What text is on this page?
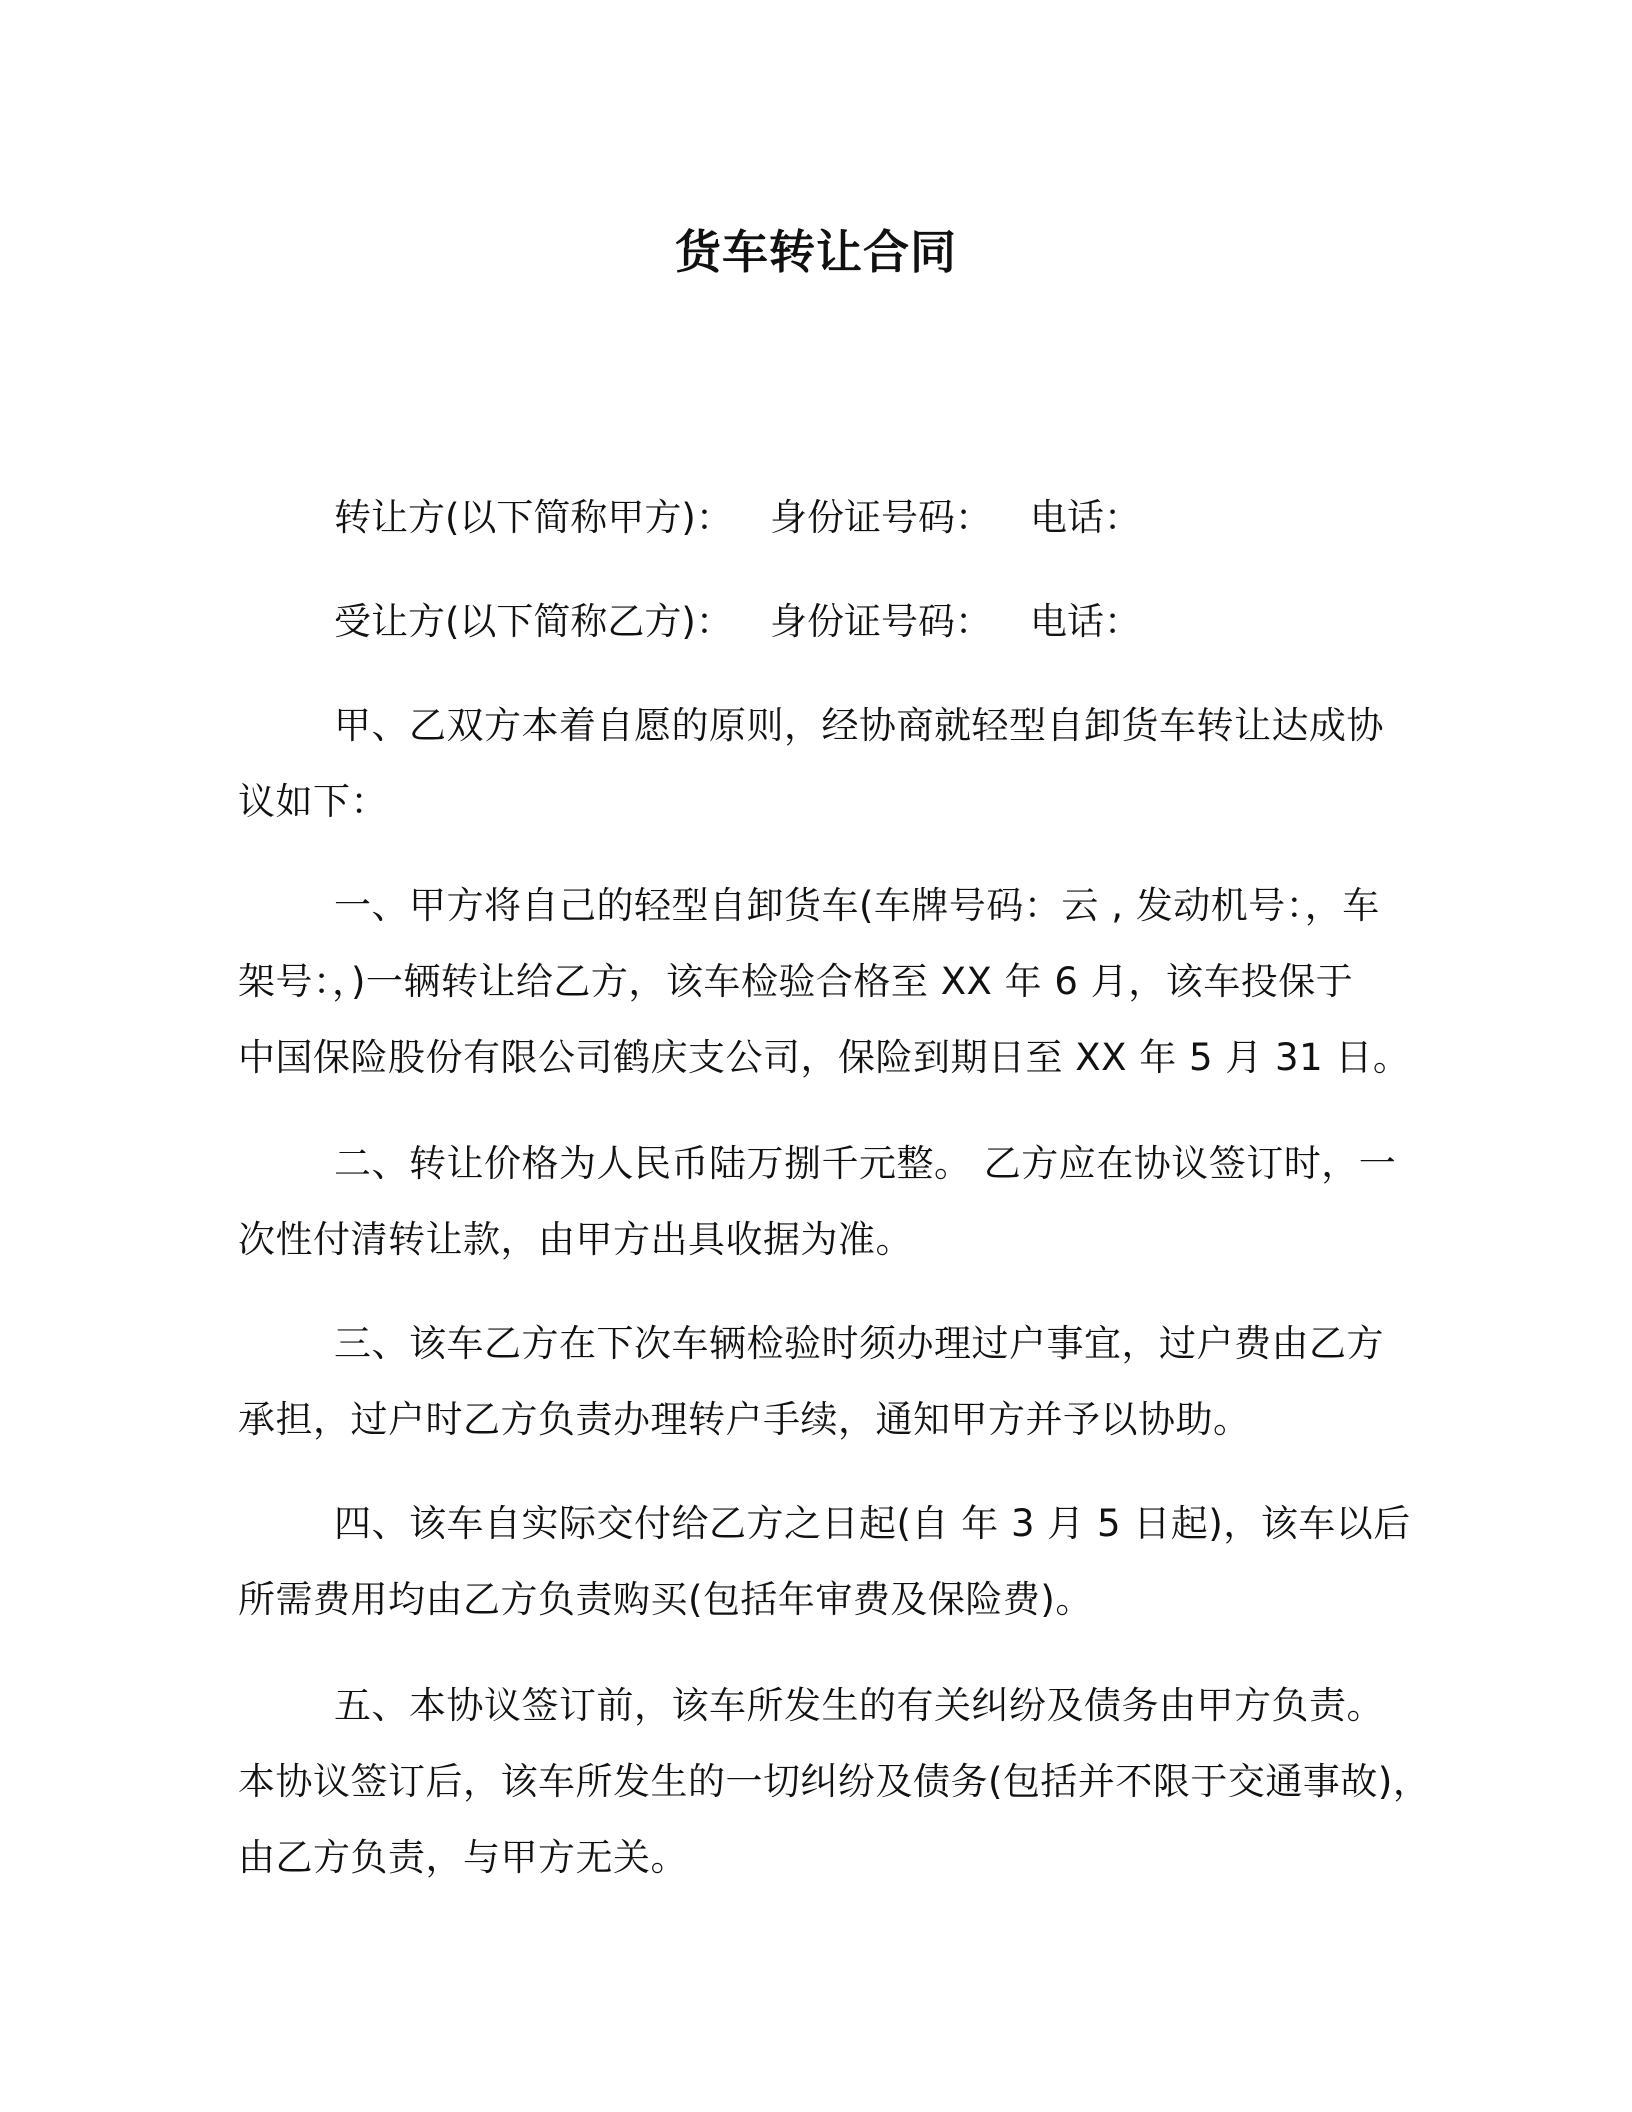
货车转让合同
转让方(以下简称甲方)： 身份证号码： 电话：
受让方(以下简称乙方)： 身份证号码： 电话：
甲、乙双方本着自愿的原则，经协商就轻型自卸货车转让达成协
议如下：
一、甲方将自己的轻型自卸货车(车牌号码：云 , 发动机号：，车
架号：，)一辆转让给乙方，该车检验合格至 XX 年 6 月，该车投保于
中国保险股份有限公司鹤庆支公司，保险到期日至 XX 年 5 月 31 日。
二、转让价格为人民币陆万捌千元整。 乙方应在协议签订时，一
次性付清转让款，由甲方出具收据为准。
三、该车乙方在下次车辆检验时须办理过户事宜，过户费由乙方
承担，过户时乙方负责办理转户手续，通知甲方并予以协助。
四、该车自实际交付给乙方之日起(自 年 3 月 5 日起)，该车以后
所需费用均由乙方负责购买(包括年审费及保险费)。
五、本协议签订前，该车所发生的有关纠纷及债务由甲方负责。
本协议签订后，该车所发生的一切纠纷及债务(包括并不限于交通事故)，
由乙方负责，与甲方无关。
